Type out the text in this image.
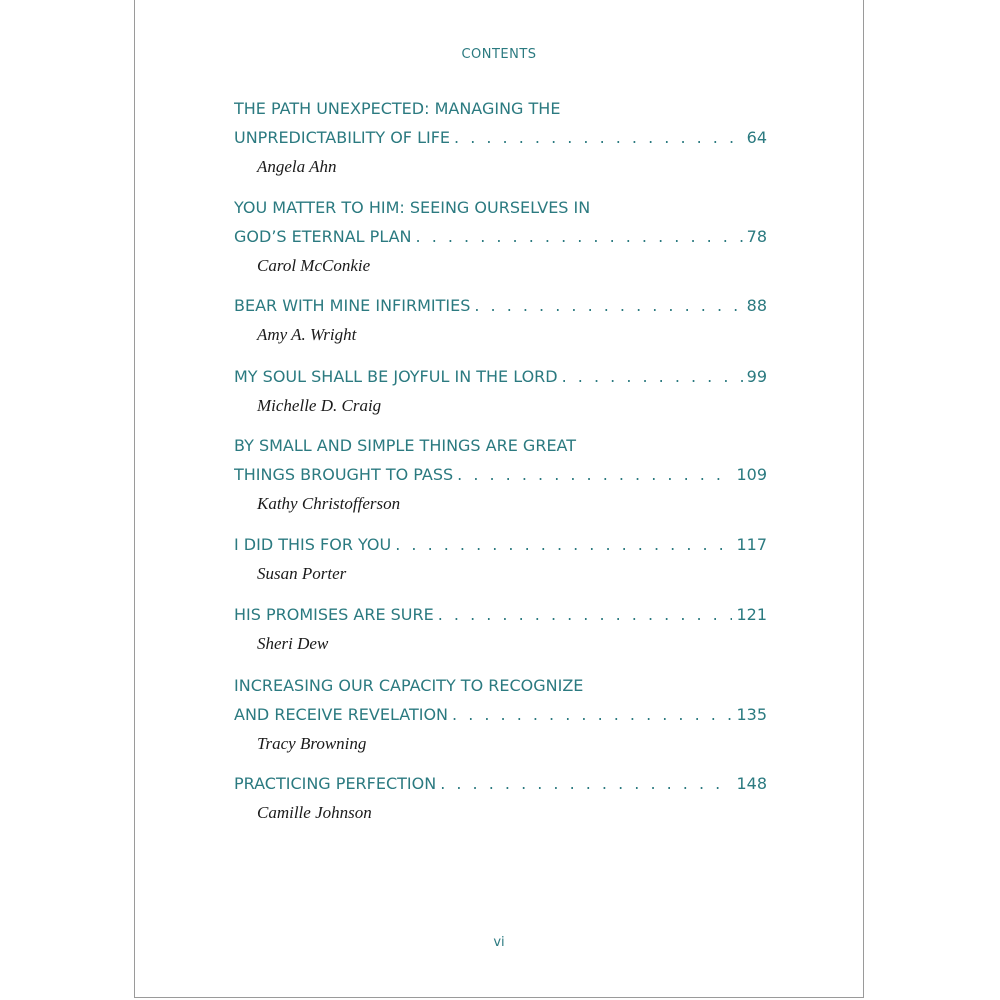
CONTENTS
THE PATH UNEXPECTED: MANAGING THE
UNPREDICTABILITY OF LIFE . . .	64
Angela Ahn
YOU MATTER TO HIM: SEEING OURSELVES IN
GOD’S ETERNAL PLAN . . .	78
Carol McConkie
BEAR WITH MINE INFIRMITIES . . .	88
Amy A. Wright
MY SOUL SHALL BE JOYFUL IN THE LORD . . .	99
Michelle D. Craig
BY SMALL AND SIMPLE THINGS ARE GREAT
THINGS BROUGHT TO PASS . . .	109
Kathy Christofferson
I DID THIS FOR YOU . . .	117
Susan Porter
HIS PROMISES ARE SURE . . .	121
Sheri Dew
INCREASING OUR CAPACITY TO RECOGNIZE
AND RECEIVE REVELATION . . .	135
Tracy Browning
PRACTICING PERFECTION . . .	148
Camille Johnson
vi
